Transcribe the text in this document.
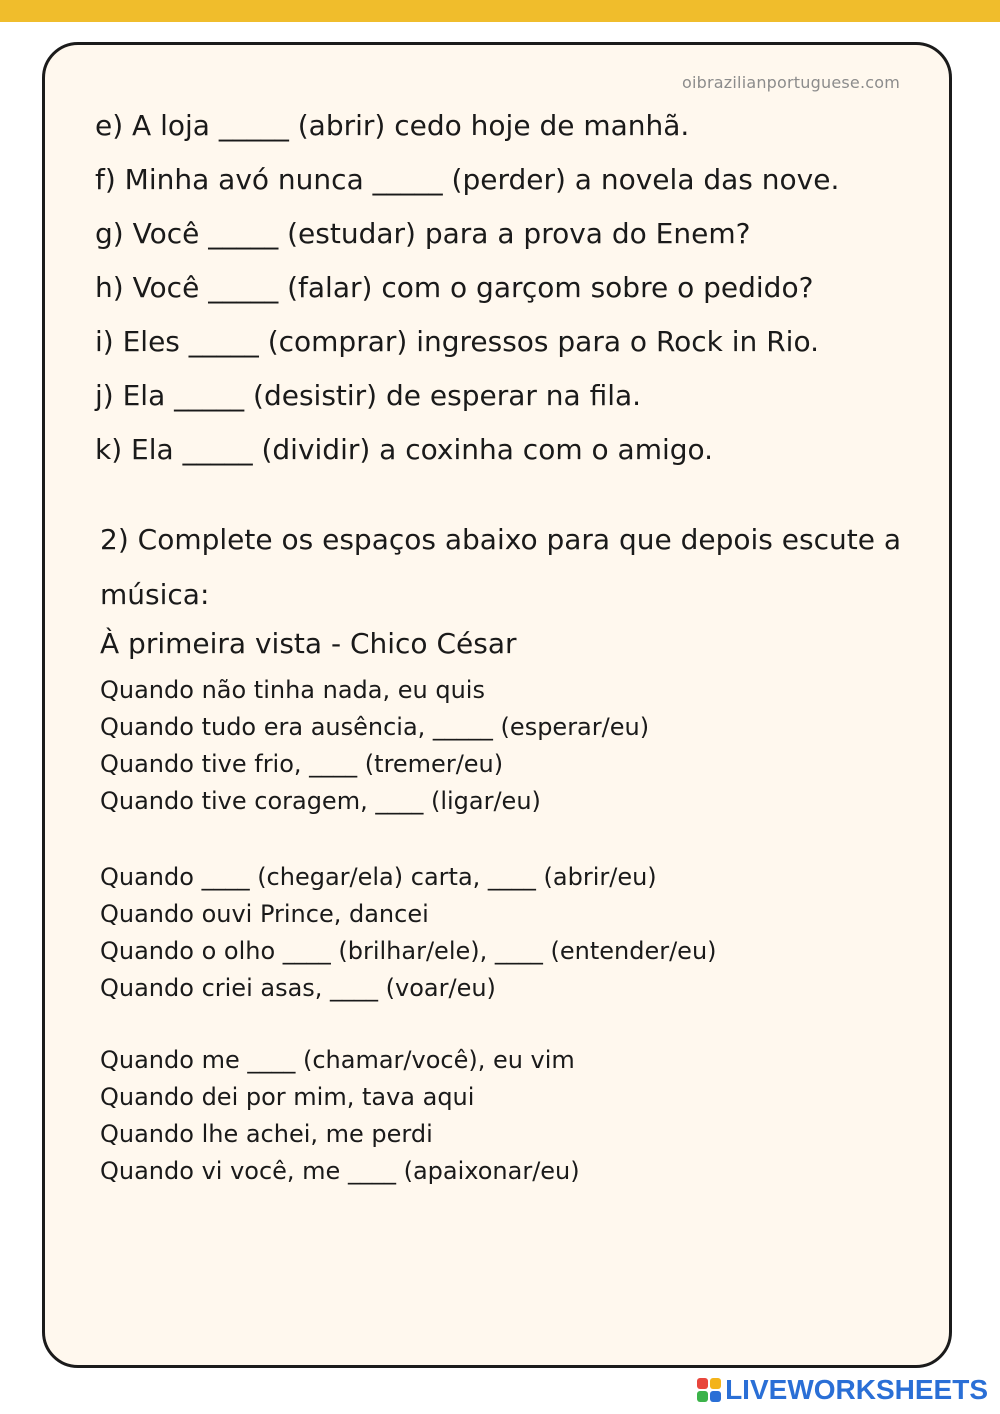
oibrazilianportuguese.com
e) A loja _____ (abrir) cedo hoje de manhã.
f) Minha avó nunca _____ (perder) a novela das nove.
g) Você _____ (estudar) para a prova do Enem?
h) Você _____ (falar) com o garçom sobre o pedido?
i) Eles _____ (comprar) ingressos para o Rock in Rio.
j) Ela _____ (desistir) de esperar na fila.
k) Ela _____ (dividir) a coxinha com o amigo.

2) Complete os espaços abaixo para que depois escute a música:

À primeira vista - Chico César
Quando não tinha nada, eu quis
Quando tudo era ausência, _____ (esperar/eu)
Quando tive frio, ____ (tremer/eu)
Quando tive coragem, ____ (ligar/eu)
Quando ____ (chegar/ela) carta, ____ (abrir/eu)
Quando ouvi Prince, dancei
Quando o olho ____ (brilhar/ele), ____ (entender/eu)
Quando criei asas, ____ (voar/eu)
Quando me ____ (chamar/você), eu vim
Quando dei por mim, tava aqui
Quando lhe achei, me perdi
Quando vi você, me ____ (apaixonar/eu)
LIVEWORKSHEETS
